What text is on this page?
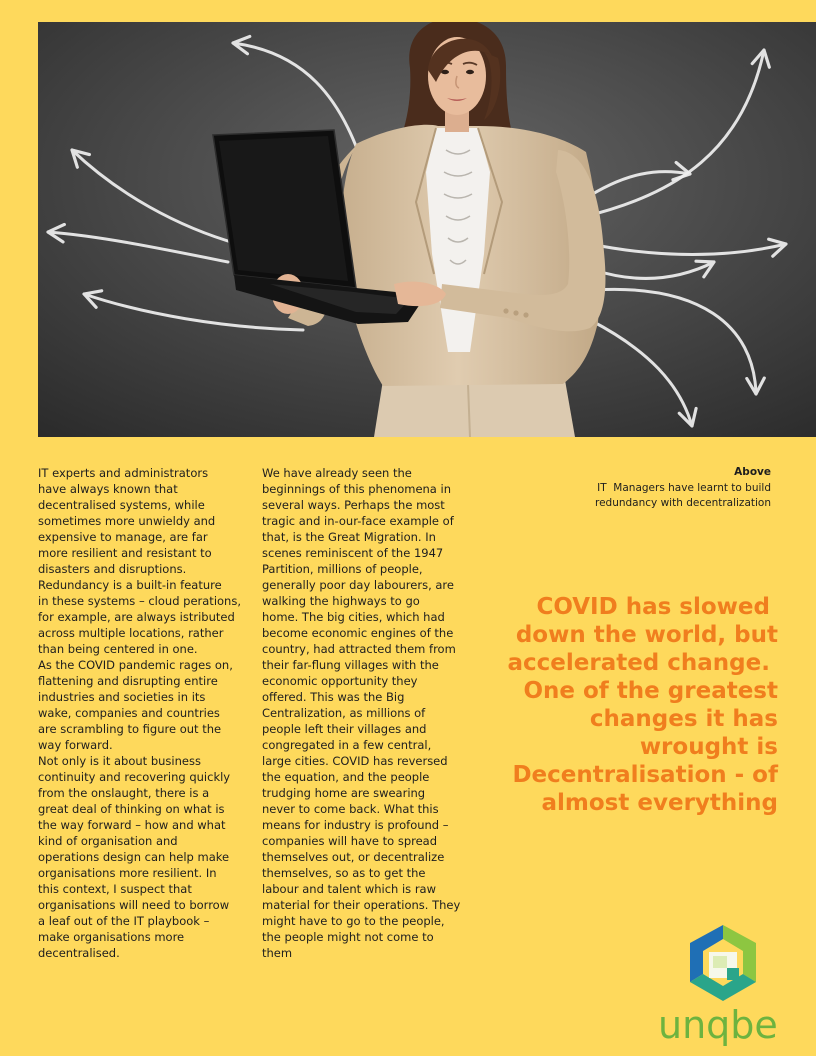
IT experts and administrators
have always known that
decentralised systems, while
sometimes more unwieldy and
expensive to manage, are far
more resilient and resistant to
disasters and disruptions.
Redundancy is a built-in feature
in these systems – cloud perations,
for example, are always istributed
across multiple locations, rather
than being centered in one.
As the COVID pandemic rages on,
flattening and disrupting entire
industries and societies in its
wake, companies and countries
are scrambling to figure out the
way forward.
Not only is it about business
continuity and recovering quickly
from the onslaught, there is a
great deal of thinking on what is
the way forward – how and what
kind of organisation and
operations design can help make
organisations more resilient. In
this context, I suspect that
organisations will need to borrow
a leaf out of the IT playbook –
make organisations more
decentralised.
We have already seen the
beginnings of this phenomena in
several ways. Perhaps the most
tragic and in-our-face example of
that, is the Great Migration. In
scenes reminiscent of the 1947
Partition, millions of people,
generally poor day labourers, are
walking the highways to go
home. The big cities, which had
become economic engines of the
country, had attracted them from
their far-flung villages with the
economic opportunity they
offered. This was the Big
Centralization, as millions of
people left their villages and
congregated in a few central,
large cities. COVID has reversed
the equation, and the people
trudging home are swearing
never to come back. What this
means for industry is profound –
companies will have to spread
themselves out, or decentralize
themselves, so as to get the
labour and talent which is raw
material for their operations. They
might have to go to the people,
the people might not come to
them
Above
IT  Managers have learnt to build
redundancy with decentralization
COVID has slowed
down the world, but
accelerated change.
One of the greatest
changes it has
wrought is
Decentralisation - of
almost everything
unqbe
